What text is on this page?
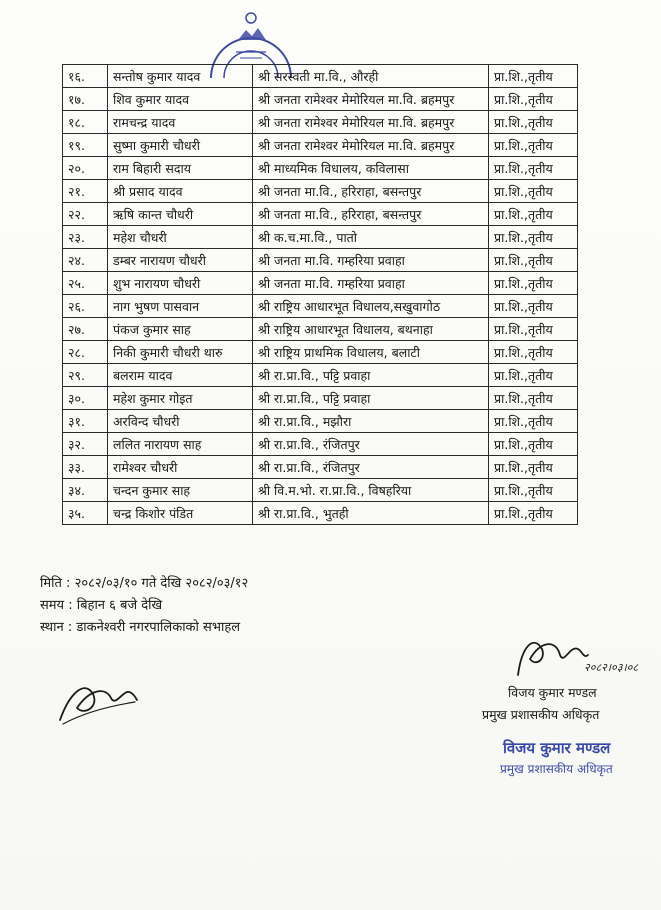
१६.	सन्तोष कुमार यादव	श्री सरस्वती मा.वि., औरही	प्रा.शि.,तृतीय
१७.	शिव कुमार यादव	श्री जनता रामेश्वर मेमोरियल मा.वि. ब्रहमपुर	प्रा.शि.,तृतीय
१८.	रामचन्द्र यादव	श्री जनता रामेश्वर मेमोरियल मा.वि. ब्रहमपुर	प्रा.शि.,तृतीय
१९.	सुष्मा कुमारी चौधरी	श्री जनता रामेश्वर मेमोरियल मा.वि. ब्रहमपुर	प्रा.शि.,तृतीय
२०.	राम बिहारी सदाय	श्री माध्यमिक विधालय, कविलासा	प्रा.शि.,तृतीय
२१.	श्री प्रसाद यादव	श्री जनता मा.वि., हरिराहा, बसन्तपुर	प्रा.शि.,तृतीय
२२.	ऋषि कान्त चौधरी	श्री जनता मा.वि., हरिराहा, बसन्तपुर	प्रा.शि.,तृतीय
२३.	महेश चौधरी	श्री क.च.मा.वि., पातो	प्रा.शि.,तृतीय
२४.	डम्बर नारायण चौधरी	श्री जनता मा.वि. गम्हरिया प्रवाहा	प्रा.शि.,तृतीय
२५.	शुभ नारायण चौधरी	श्री जनता मा.वि. गम्हरिया प्रवाहा	प्रा.शि.,तृतीय
२६.	नाग भुषण पासवान	श्री राष्ट्रिय आधारभूत विधालय,सखुवागोठ	प्रा.शि.,तृतीय
२७.	पंकज कुमार साह	श्री राष्ट्रिय आधारभूत विधालय, बथनाहा	प्रा.शि.,तृतीय
२८.	निकी कुमारी चौधरी थारु	श्री राष्ट्रिय प्राथमिक विधालय, बलाटी	प्रा.शि.,तृतीय
२९.	बलराम यादव	श्री रा.प्रा.वि., पट्टि प्रवाहा	प्रा.शि.,तृतीय
३०.	महेश कुमार गोइत	श्री रा.प्रा.वि., पट्टि प्रवाहा	प्रा.शि.,तृतीय
३१.	अरविन्द चौधरी	श्री रा.प्रा.वि., मझौरा	प्रा.शि.,तृतीय
३२.	ललित नारायण साह	श्री रा.प्रा.वि., रंजितपुर	प्रा.शि.,तृतीय
३३.	रामेश्वर चौधरी	श्री रा.प्रा.वि., रंजितपुर	प्रा.शि.,तृतीय
३४.	चन्दन कुमार साह	श्री वि.म.भो. रा.प्रा.वि., विषहरिया	प्रा.शि.,तृतीय
३५.	चन्द्र किशोर पंडित	श्री रा.प्रा.वि., भुतही	प्रा.शि.,तृतीय
मिति : २०८२/०३/१० गते देखि २०८२/०३/१२
समय : बिहान ६ बजे देखि
स्थान : डाकनेश्वरी नगरपालिकाको सभाहल
२०८२।०३।०८
विजय कुमार मण्डल
प्रमुख प्रशासकीय अधिकृत
विजय कुमार मण्डल
प्रमुख प्रशासकीय अधिकृत
